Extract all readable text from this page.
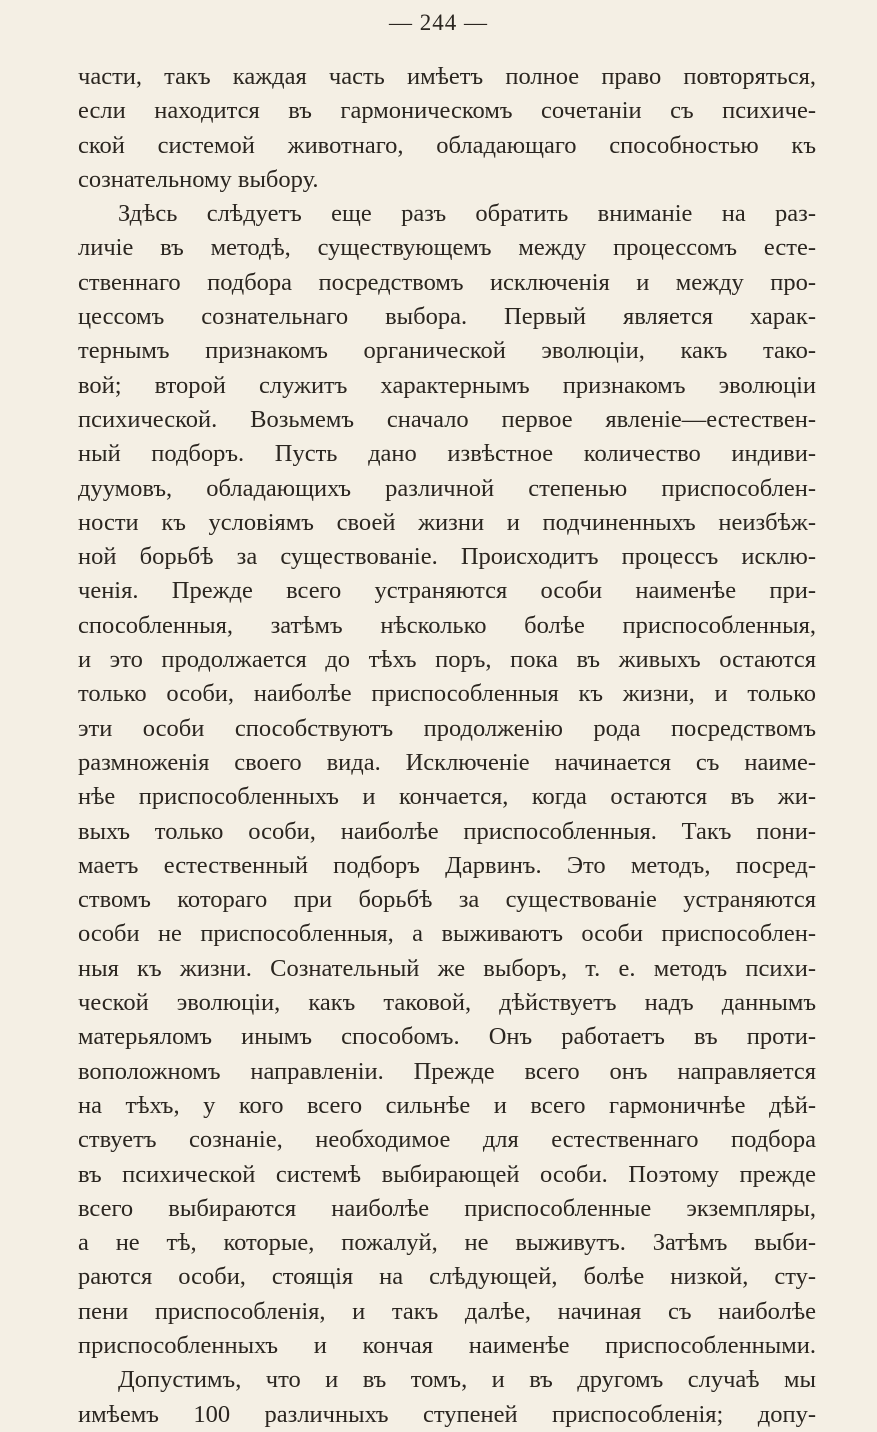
— 244 —
части, такъ каждая часть имѣетъ полное право повторяться,
если находится въ гармоническомъ сочетаніи съ психиче-
ской системой животнаго, обладающаго способностью къ
сознательному выбору.
Здѣсь слѣдуетъ еще разъ обратить вниманіе на раз-
личіе въ методѣ, существующемъ между процессомъ есте-
ственнаго подбора посредствомъ исключенія и между про-
цессомъ сознательнаго выбора. Первый является харак-
тернымъ признакомъ органической эволюціи, какъ тако-
вой; второй служитъ характернымъ признакомъ эволюціи
психической. Возьмемъ сначало первое явленіе—естествен-
ный подборъ. Пусть дано извѣстное количество индиви-
дуумовъ, обладающихъ различной степенью приспособлен-
ности къ условіямъ своей жизни и подчиненныхъ неизбѣж-
ной борьбѣ за существованіе. Происходитъ процессъ исклю-
ченія. Прежде всего устраняются особи наименѣе при-
способленныя, затѣмъ нѣсколько болѣе приспособленныя,
и это продолжается до тѣхъ поръ, пока въ живыхъ остаются
только особи, наиболѣе приспособленныя къ жизни, и только
эти особи способствуютъ продолженію рода посредствомъ
размноженія своего вида. Исключеніе начинается съ наиме-
нѣе приспособленныхъ и кончается, когда остаются въ жи-
выхъ только особи, наиболѣе приспособленныя. Такъ пони-
маетъ естественный подборъ Дарвинъ. Это методъ, посред-
ствомъ котораго при борьбѣ за существованіе устраняются
особи не приспособленныя, а выживаютъ особи приспособлен-
ныя къ жизни. Сознательный же выборъ, т. е. методъ психи-
ческой эволюціи, какъ таковой, дѣйствуетъ надъ даннымъ
матерьяломъ инымъ способомъ. Онъ работаетъ въ проти-
воположномъ направленіи. Прежде всего онъ направляется
на тѣхъ, у кого всего сильнѣе и всего гармоничнѣе дѣй-
ствуетъ сознаніе, необходимое для естественнаго подбора
въ психической системѣ выбирающей особи. Поэтому прежде
всего выбираются наиболѣе приспособленные экземпляры,
а не тѣ, которые, пожалуй, не выживутъ. Затѣмъ выби-
раются особи, стоящія на слѣдующей, болѣе низкой, сту-
пени приспособленія, и такъ далѣе, начиная съ наиболѣе
приспособленныхъ и кончая наименѣе приспособленными.
Допустимъ, что и въ томъ, и въ другомъ случаѣ мы
имѣемъ 100 различныхъ ступеней приспособленія; допу-
